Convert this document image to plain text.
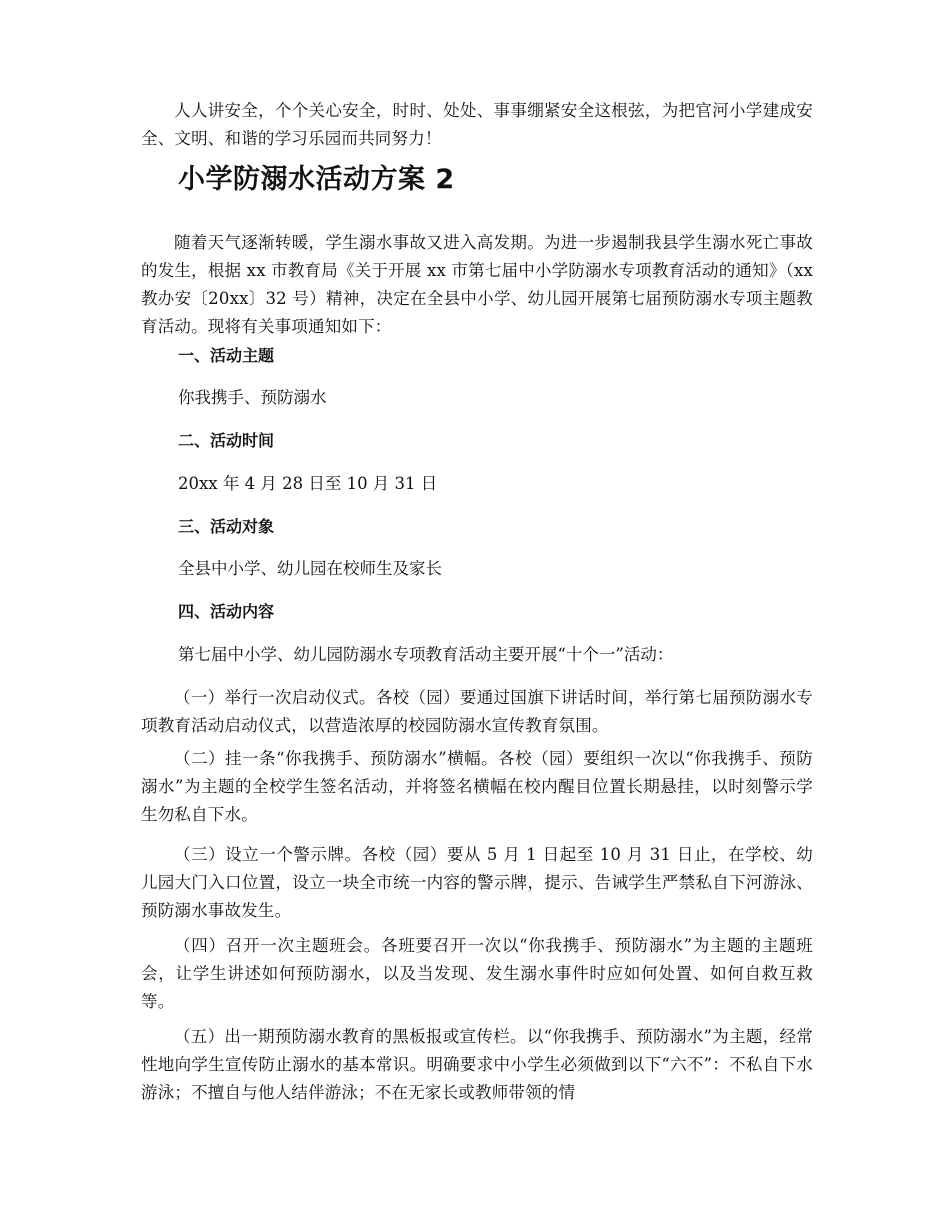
人人讲安全，个个关心安全，时时、处处、事事绷紧安全这根弦，为把官河小学建成安全、文明、和谐的学习乐园而共同努力！

小学防溺水活动方案 2

随着天气逐渐转暖，学生溺水事故又进入高发期。为进一步遏制我县学生溺水死亡事故的发生，根据 xx 市教育局《关于开展 xx 市第七届中小学防溺水专项教育活动的通知》（xx 教办安〔20xx〕32 号）精神，决定在全县中小学、幼儿园开展第七届预防溺水专项主题教育活动。现将有关事项通知如下：

一、活动主题

你我携手、预防溺水

二、活动时间

20xx 年 4 月 28 日至 10 月 31 日

三、活动对象

全县中小学、幼儿园在校师生及家长

四、活动内容

第七届中小学、幼儿园防溺水专项教育活动主要开展“十个一”活动：

（一）举行一次启动仪式。各校（园）要通过国旗下讲话时间，举行第七届预防溺水专项教育活动启动仪式，以营造浓厚的校园防溺水宣传教育氛围。

（二）挂一条“你我携手、预防溺水”横幅。各校（园）要组织一次以“你我携手、预防溺水”为主题的全校学生签名活动，并将签名横幅在校内醒目位置长期悬挂，以时刻警示学生勿私自下水。

（三）设立一个警示牌。各校（园）要从 5 月 1 日起至 10 月 31 日止，在学校、幼儿园大门入口位置，设立一块全市统一内容的警示牌，提示、告诫学生严禁私自下河游泳、预防溺水事故发生。

（四）召开一次主题班会。各班要召开一次以“你我携手、预防溺水”为主题的主题班会，让学生讲述如何预防溺水，以及当发现、发生溺水事件时应如何处置、如何自救互救等。

（五）出一期预防溺水教育的黑板报或宣传栏。以“你我携手、预防溺水”为主题，经常性地向学生宣传防止溺水的基本常识。明确要求中小学生必须做到以下“六不”：不私自下水游泳；不擅自与他人结伴游泳；不在无家长或教师带领的情
